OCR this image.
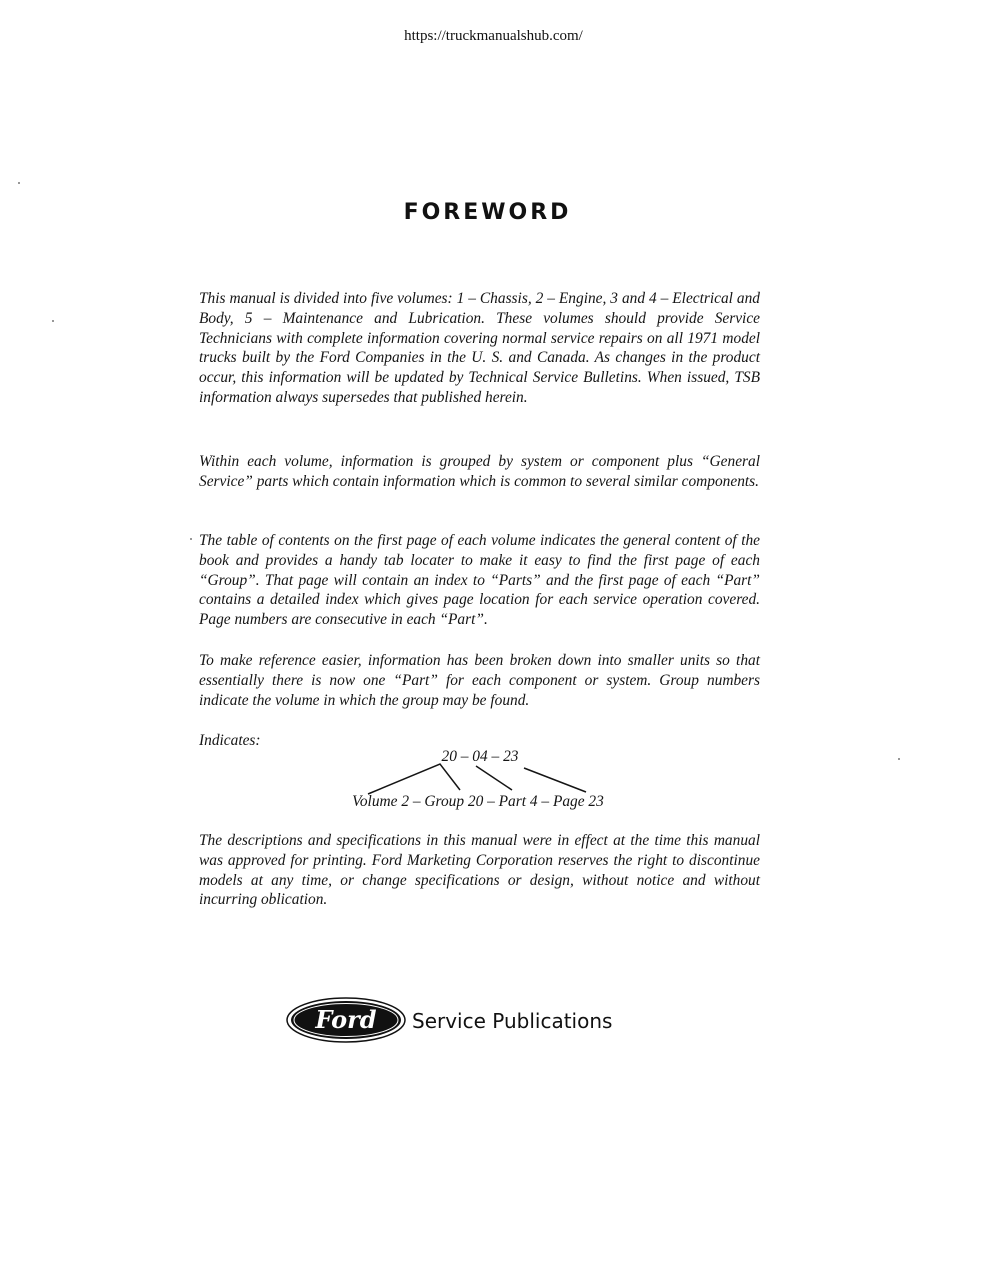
https://truckmanualshub.com/
FOREWORD
This manual is divided into five volumes: 1 – Chassis, 2 – Engine, 3 and 4 – Electrical and Body, 5 – Maintenance and Lubrication. These volumes should provide Service Technicians with complete information covering normal service repairs on all 1971 model trucks built by the Ford Companies in the U. S. and Canada. As changes in the product occur, this information will be updated by Technical Service Bulletins. When issued, TSB information always supersedes that published herein.
Within each volume, information is grouped by system or component plus “General Service” parts which contain information which is common to several similar components.
The table of contents on the first page of each volume indicates the general content of the book and provides a handy tab locater to make it easy to find the first page of each “Group”. That page will contain an index to “Parts” and the first page of each “Part” contains a detailed index which gives page location for each service operation covered. Page numbers are consecutive in each “Part”.
To make reference easier, information has been broken down into smaller units so that essentially there is now one “Part” for each component or system. Group numbers indicate the volume in which the group may be found.
Indicates:
20 – 04 – 23
Volume 2 – Group 20 – Part 4 – Page 23
The descriptions and specifications in this manual were in effect at the time this manual was approved for printing. Ford Marketing Corporation reserves the right to discontinue models at any time, or change specifications or design, without notice and without incurring oblication.
Ford Service Publications
